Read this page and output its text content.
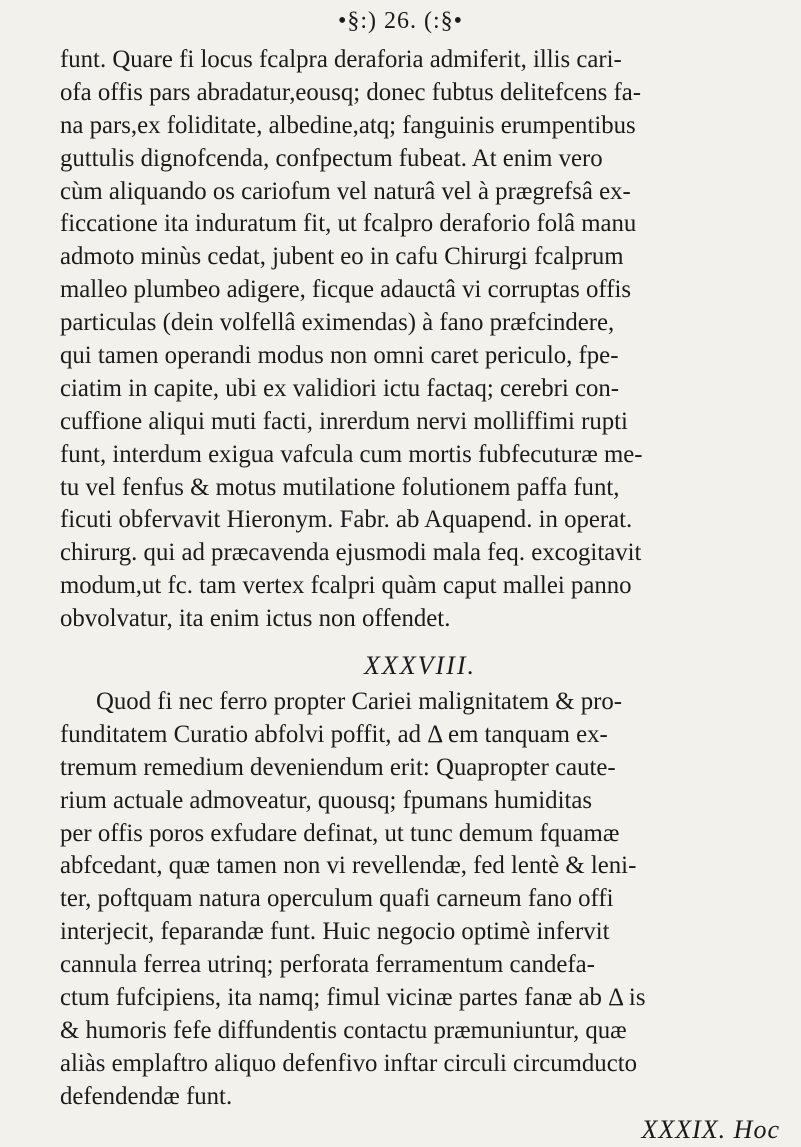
•§:) 26. (:§•
funt. Quare fi locus fcalpra deraforia admiferit, illis cari-
ofa offis pars abradatur,eousq; donec fubtus delitefcens fa-
na pars,ex foliditate, albedine,atq; fanguinis erumpentibus
guttulis dignofcenda, confpectum fubeat. At enim vero
cùm aliquando os cariofum vel naturâ vel à prægrefsâ ex-
ficcatione ita induratum fit, ut fcalpro deraforio folâ manu
admoto minùs cedat, jubent eo in cafu Chirurgi fcalprum
malleo plumbeo adigere, ficque adauctâ vi corruptas offis
particulas (dein volfellâ eximendas) à fano præfcindere,
qui tamen operandi modus non omni caret periculo, fpe-
ciatim in capite, ubi ex validiori ictu factaq; cerebri con-
cuffione aliqui muti facti, inrerdum nervi molliffimi rupti
funt, interdum exigua vafcula cum mortis fubfecuturæ me-
tu vel fenfus & motus mutilatione folutionem paffa funt,
ficuti obfervavit Hieronym. Fabr. ab Aquapend. in operat.
chirurg. qui ad præcavenda ejusmodi mala feq. excogitavit
modum,ut fc. tam vertex fcalpri quàm caput mallei panno
obvolvatur, ita enim ictus non offendet.
XXXVIII.
Quod fi nec ferro propter Cariei malignitatem & pro-
funditatem Curatio abfolvi poffit, ad Δ em tanquam ex-
tremum remedium deveniendum erit: Quapropter caute-
rium actuale admoveatur, quousq; fpumans humiditas
per offis poros exfudare definat, ut tunc demum fquamæ
abfcedant, quæ tamen non vi revellendæ, fed lentè & leni-
ter, poftquam natura operculum quafi carneum fano offi
interjecit, feparandæ funt. Huic negocio optimè infervit
cannula ferrea utrinq; perforata ferramentum candefa-
ctum fufcipiens, ita namq; fimul vicinæ partes fanæ ab Δ is
& humoris fefe diffundentis contactu præmuniuntur, quæ
aliàs emplaftro aliquo defenfivo inftar circuli circumducto
defendendæ funt.
XXXIX. Hoc
